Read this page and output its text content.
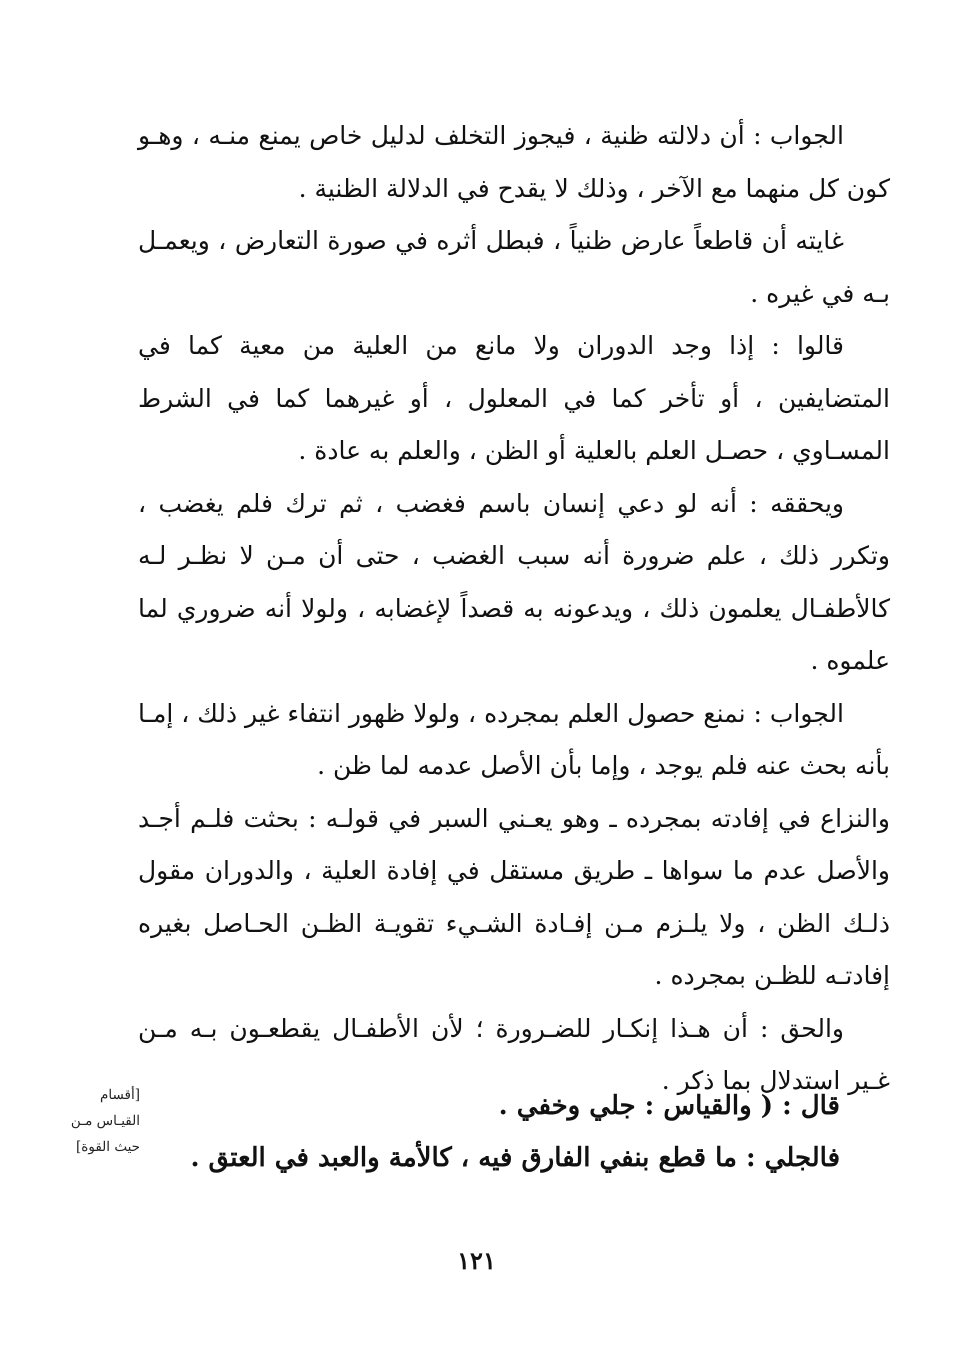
الجواب : أن دلالته ظنية ، فيجوز التخلف لدليل خاص يمنع منـه ، وهـو كون كل منهما مع الآخر ، وذلك لا يقدح في الدلالة الظنية .

غايته أن قاطعاً عارض ظنياً ، فبطل أثره في صورة التعارض ، ويعمـل بـه في غيره .

قالوا : إذا وجد الدوران ولا مانع من العلية من معية كما في المتضايفين ، أو تأخر كما في المعلول ، أو غيرهما كما في الشرط المسـاوي ، حصـل العلم بالعلية أو الظن ، والعلم به عادة .

ويحققه : أنه لو دعي إنسان باسم فغضب ، ثم ترك فلم يغضب ، وتكرر ذلك ، علم ضرورة أنه سبب الغضب ، حتى أن مـن لا نظـر لـه كالأطفـال يعلمون ذلك ، ويدعونه به قصداً لإغضابه ، ولولا أنه ضروري لما علموه .

الجواب : نمنع حصول العلم بمجرده ، ولولا ظهور انتفاء غير ذلك ، إمـا بأنه بحث عنه فلم يوجد ، وإما بأن الأصل عدمه لما ظن .

والنزاع في إفادته بمجرده ـ وهو يعـني السبر في قولـه : بحثت فلـم أجـد والأصل عدم ما سواها ـ طريق مستقل في إفادة العلية ، والدوران مقول ذلـك الظن ، ولا يلـزم مـن إفـادة الشـيء تقويـة الظـن الحـاصل بغيره إفادتـه للظـن بمجرده .

والحق : أن هـذا إنكـار للضـرورة ؛ لأن الأطفـال يقطعـون بـه مـن غـير استدلال بما ذكر .

قال : ( والقياس : جلي وخفي .

فالجلي : ما قطع بنفي الفارق فيه ، كالأمة والعبد في العتق .

[أقسام
القيـاس مـن
حيث القوة]
١٢١
